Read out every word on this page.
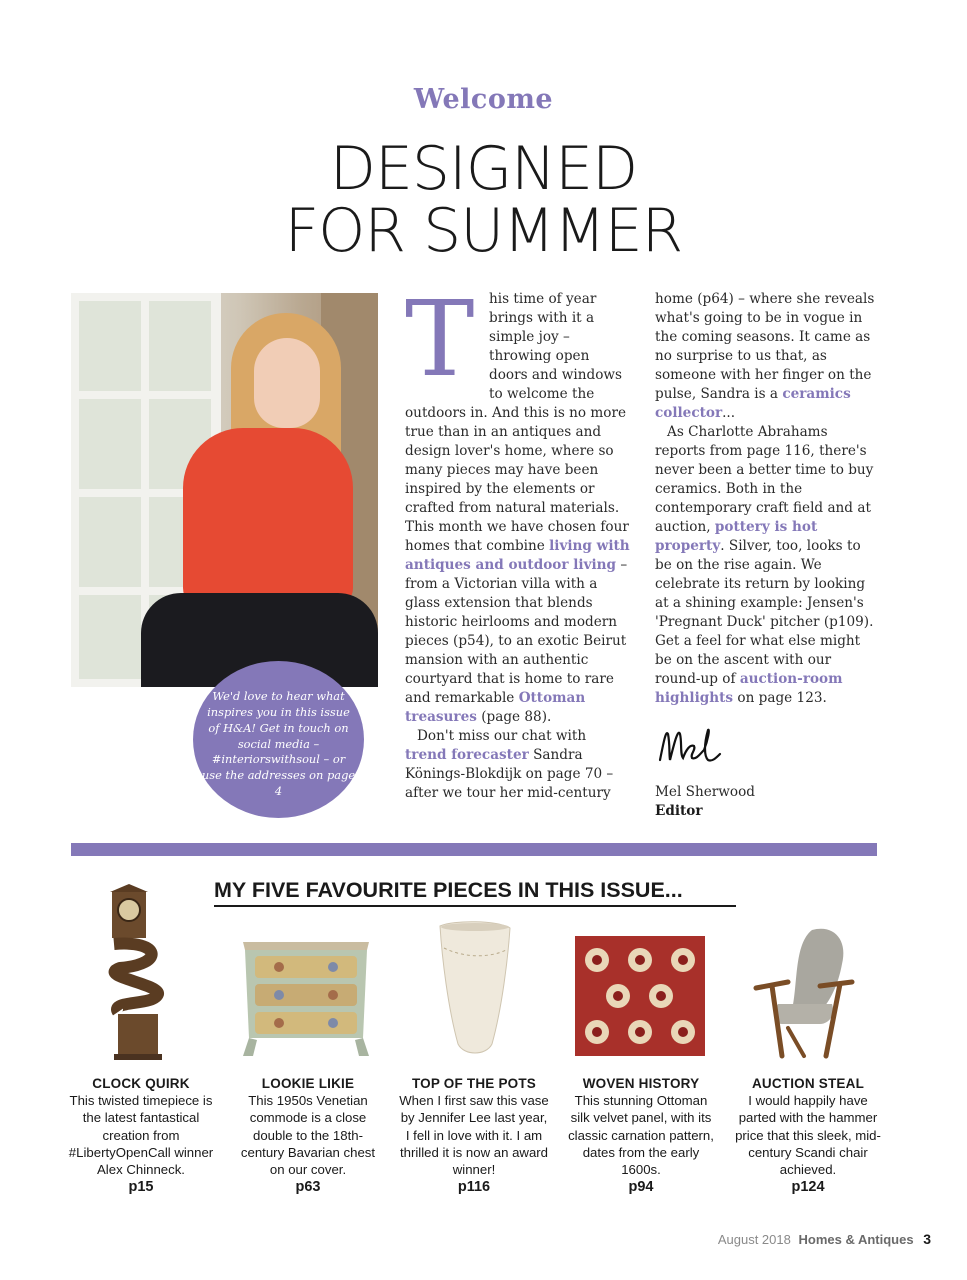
Welcome
DESIGNED
FOR SUMMER
We'd love to hear what inspires you in this issue of H&A! Get in touch on social media – #interiorswithsoul – or use the addresses on page 4
T	his time of year brings with it a simple joy – throwing open doors and windows to welcome the outdoors in. And this is no more true than in an antiques and design lover's home, where so many pieces may have been inspired by the elements or crafted from natural materials. This month we have chosen four homes that combine living with antiques and outdoor living – from a Victorian villa with a glass extension that blends historic heirlooms and modern pieces (p54), to an exotic Beirut mansion with an authentic courtyard that is home to rare and remarkable Ottoman treasures (page 88).

Don't miss our chat with trend forecaster Sandra Könings-Blokdijk on page 70 – after we tour her mid-century

home (p64) – where she reveals what's going to be in vogue in the coming seasons. It came as no surprise to us that, as someone with her finger on the pulse, Sandra is a ceramics collector...

As Charlotte Abrahams reports from page 116, there's never been a better time to buy ceramics. Both in the contemporary craft field and at auction, pottery is hot property. Silver, too, looks to be on the rise again. We celebrate its return by looking at a shining example: Jensen's 'Pregnant Duck' pitcher (p109). Get a feel for what else might be on the ascent with our round-up of auction-room highlights on page 123.

Mel Sherwood
Editor
MY FIVE FAVOURITE PIECES IN THIS ISSUE...
CLOCK QUIRK
This twisted timepiece is the latest fantastical creation from #LibertyOpenCall winner Alex Chinneck.
p15
LOOKIE LIKIE
This 1950s Venetian commode is a close double to the 18th-century Bavarian chest on our cover.
p63
TOP OF THE POTS
When I first saw this vase by Jennifer Lee last year, I fell in love with it. I am thrilled it is now an award winner!
p116
WOVEN HISTORY
This stunning Ottoman silk velvet panel, with its classic carnation pattern, dates from the early 1600s.
p94
AUCTION STEAL
I would happily have parted with the hammer price that this sleek, mid-century Scandi chair achieved.
p124
August 2018 Homes & Antiques 3
